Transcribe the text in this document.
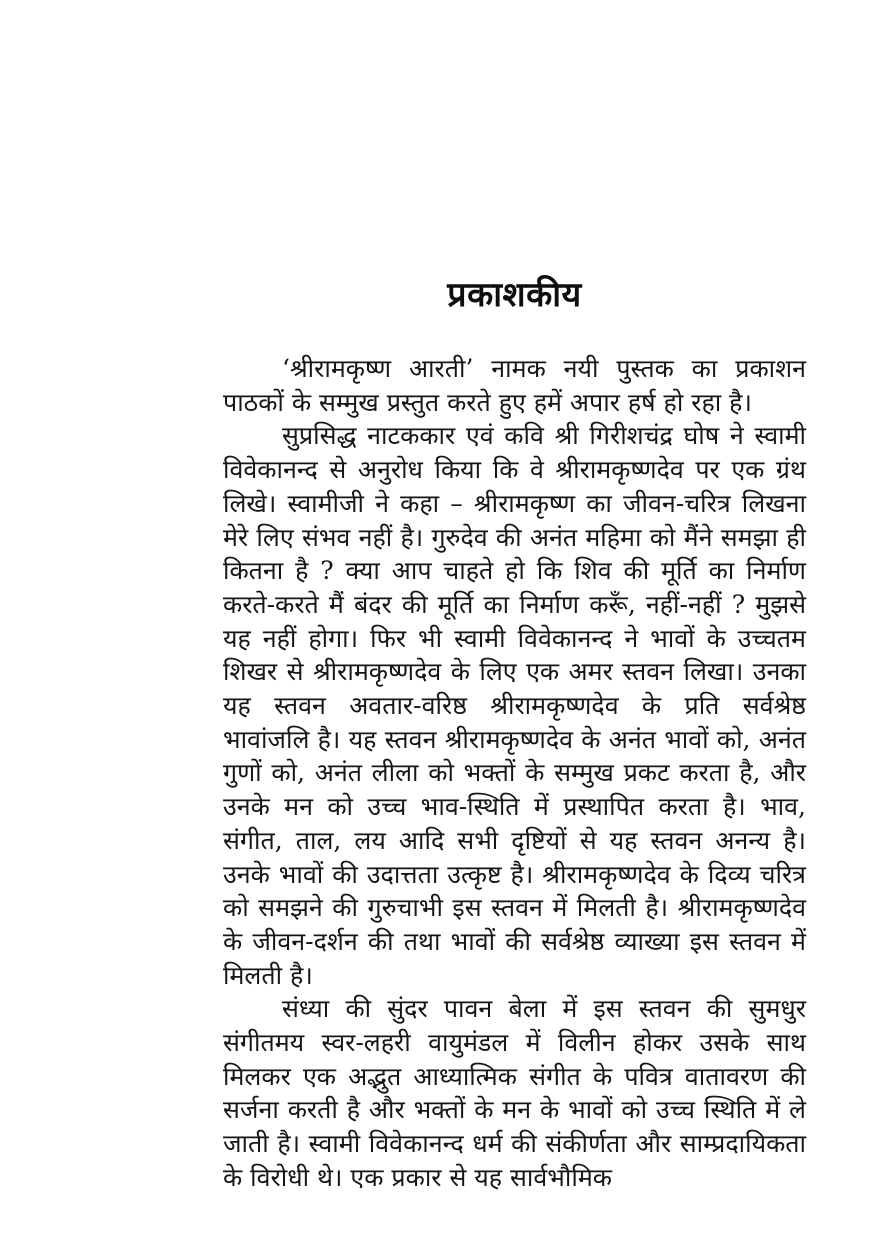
प्रकाशकीय

‘श्रीरामकृष्ण आरती’ नामक नयी पुस्तक का प्रकाशन पाठकों के सम्मुख प्रस्तुत करते हुए हमें अपार हर्ष हो रहा है।

सुप्रसिद्ध नाटककार एवं कवि श्री गिरीशचंद्र घोष ने स्वामी विवेकानन्द से अनुरोध किया कि वे श्रीरामकृष्णदेव पर एक ग्रंथ लिखे। स्वामीजी ने कहा – श्रीरामकृष्ण का जीवन-चरित्र लिखना मेरे लिए संभव नहीं है। गुरुदेव की अनंत महिमा को मैंने समझा ही कितना है ? क्या आप चाहते हो कि शिव की मूर्ति का निर्माण करते-करते मैं बंदर की मूर्ति का निर्माण करूँ, नहीं-नहीं ? मुझसे यह नहीं होगा। फिर भी स्वामी विवेकानन्द ने भावों के उच्चतम शिखर से श्रीरामकृष्णदेव के लिए एक अमर स्तवन लिखा। उनका यह स्तवन अवतार-वरिष्ठ श्रीरामकृष्णदेव के प्रति सर्वश्रेष्ठ भावांजलि है। यह स्तवन श्रीरामकृष्णदेव के अनंत भावों को, अनंत गुणों को, अनंत लीला को भक्तों के सम्मुख प्रकट करता है, और उनके मन को उच्च भाव-स्थिति में प्रस्थापित करता है। भाव, संगीत, ताल, लय आदि सभी दृष्टियों से यह स्तवन अनन्य है। उनके भावों की उदात्तता उत्कृष्ट है। श्रीरामकृष्णदेव के दिव्य चरित्र को समझने की गुरुचाभी इस स्तवन में मिलती है। श्रीरामकृष्णदेव के जीवन-दर्शन की तथा भावों की सर्वश्रेष्ठ व्याख्या इस स्तवन में मिलती है।

संध्या की सुंदर पावन बेला में इस स्तवन की सुमधुर संगीतमय स्वर-लहरी वायुमंडल में विलीन होकर उसके साथ मिलकर एक अद्भुत आध्यात्मिक संगीत के पवित्र वातावरण की सर्जना करती है और भक्तों के मन के भावों को उच्च स्थिति में ले जाती है। स्वामी विवेकानन्द धर्म की संकीर्णता और साम्प्रदायिकता के विरोधी थे। एक प्रकार से यह सार्वभौमिक
